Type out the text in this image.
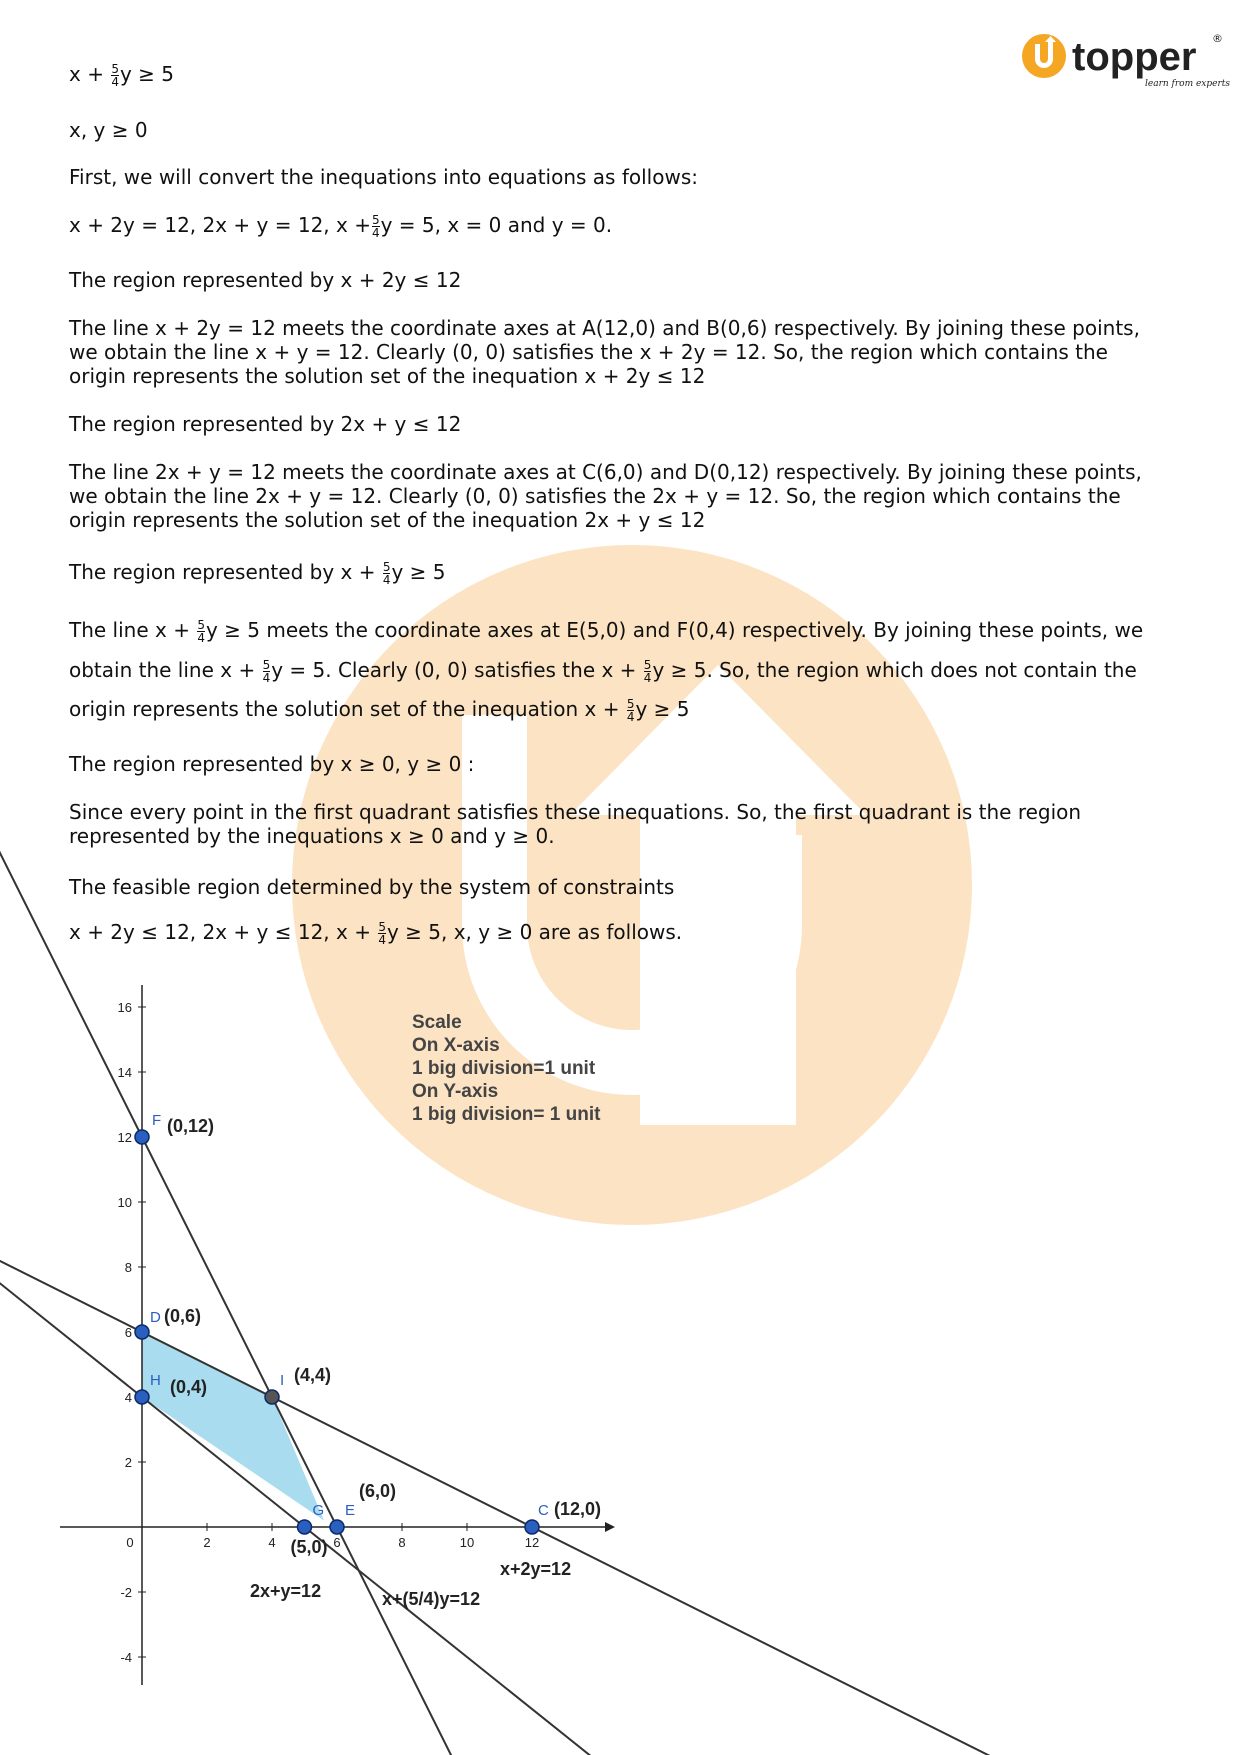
topper ®
learn from experts
$x + \frac{5}{4}$ y ≥ 5
x, y ≥ 0
First, we will convert the inequations into equations as follows:
x + 2y = 12, 2x + y = 12, $x + \frac{5}{4}$ y = 5, x = 0 and y = 0.
The region represented by x + 2y ≤ 12
The line x + 2y = 12 meets the coordinate axes at A(12,0) and B(0,6) respectively. By joining these points, we obtain the line x + y = 12. Clearly (0, 0) satisfies the x + 2y = 12. So, the region which contains the origin represents the solution set of the inequation x + 2y ≤ 12
The region represented by 2x + y ≤ 12
The line 2x + y = 12 meets the coordinate axes at C(6,0) and D(0,12) respectively. By joining these points, we obtain the line 2x + y = 12. Clearly (0, 0) satisfies the 2x + y = 12. So, the region which contains the origin represents the solution set of the inequation 2x + y ≤ 12
The region represented by $x + \frac{5}{4}$ y ≥ 5
The line $x + \frac{5}{4}$ y ≥ 5 meets the coordinate axes at E(5,0) and F(0,4) respectively. By joining these points, we
obtain the line $x + \frac{5}{4}$ y = 5. Clearly (0, 0) satisfies the $x + \frac{5}{4}$ y ≥ 5. So, the region which does not contain the
origin represents the solution set of the inequation $x + \frac{5}{4}$ y ≥ 5
The region represented by x ≥ 0, y ≥ 0 :
Since every point in the first quadrant satisfies these inequations. So, the first quadrant is the region represented by the inequations x ≥ 0 and y ≥ 0.
The feasible region determined by the system of constraints
x + 2y ≤ 12, 2x + y ≤ 12, $x + \frac{5}{4}$ y ≥ 5, x, y ≥ 0 are as follows.
0	2	4	6	8	10	12
16
14
12
10
8
6
4
2
-2
-4
F (0,12)
D (0,6)
H (0,4)	I (4,4)
G
(5,0)
E
(6,0)
C (12,0)
Scale
On X-axis
1 big division=1 unit
On Y-axis
1 big division= 1 unit
x+2y=12
2x+y=12	x+(5/4)y=12
